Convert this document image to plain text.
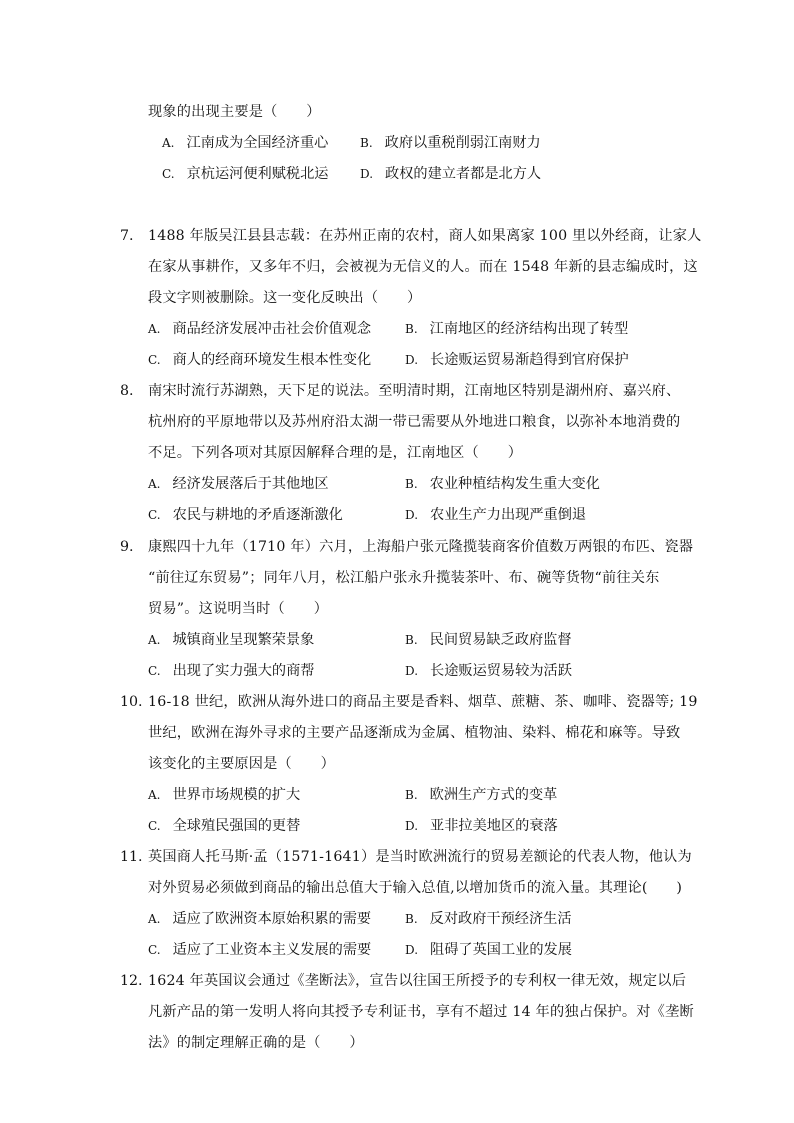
现象的出现主要是（　　）
A. 江南成为全国经济重心	B. 政府以重税削弱江南财力
C. 京杭运河便利赋税北运	D. 政权的建立者都是北方人
7. 1488 年版吴江县县志载：在苏州正南的农村，商人如果离家 100 里以外经商，让家人
在家从事耕作，又多年不归，会被视为无信义的人。而在 1548 年新的县志编成时，这
段文字则被删除。这一变化反映出（　　）
A. 商品经济发展冲击社会价值观念	B. 江南地区的经济结构出现了转型
C. 商人的经商环境发生根本性变化	D. 长途贩运贸易渐趋得到官府保护
8. 南宋时流行苏湖熟，天下足的说法。至明清时期，江南地区特别是湖州府、嘉兴府、
杭州府的平原地带以及苏州府沿太湖一带已需要从外地进口粮食，以弥补本地消费的
不足。下列各项对其原因解释合理的是，江南地区（　　）
A. 经济发展落后于其他地区	B. 农业种植结构发生重大变化
C. 农民与耕地的矛盾逐渐激化	D. 农业生产力出现严重倒退
9. 康熙四十九年（1710 年）六月，上海船户张元隆揽装商客价值数万两银的布匹、瓷器
“前往辽东贸易”；同年八月，松江船户张永升揽装茶叶、布、碗等货物“前往关东
贸易”。这说明当时（　　）
A. 城镇商业呈现繁荣景象	B. 民间贸易缺乏政府监督
C. 出现了实力强大的商帮	D. 长途贩运贸易较为活跃
10. 16-18 世纪，欧洲从海外进口的商品主要是香料、烟草、蔗糖、茶、咖啡、瓷器等; 19
世纪，欧洲在海外寻求的主要产品逐渐成为金属、植物油、染料、棉花和麻等。导致
该变化的主要原因是（　　）
A. 世界市场规模的扩大	B. 欧洲生产方式的变革
C. 全球殖民强国的更替	D. 亚非拉美地区的衰落
11. 英国商人托马斯·孟（1571-1641）是当时欧洲流行的贸易差额论的代表人物，他认为
对外贸易必须做到商品的输出总值大于输入总值,以增加货币的流入量。其理论(　　)
A. 适应了欧洲资本原始积累的需要	B. 反对政府干预经济生活
C. 适应了工业资本主义发展的需要	D. 阻碍了英国工业的发展
12. 1624 年英国议会通过《垄断法》，宣告以往国王所授予的专利权一律无效，规定以后
凡新产品的第一发明人将向其授予专利证书，享有不超过 14 年的独占保护。对《垄断
法》的制定理解正确的是（　　）
